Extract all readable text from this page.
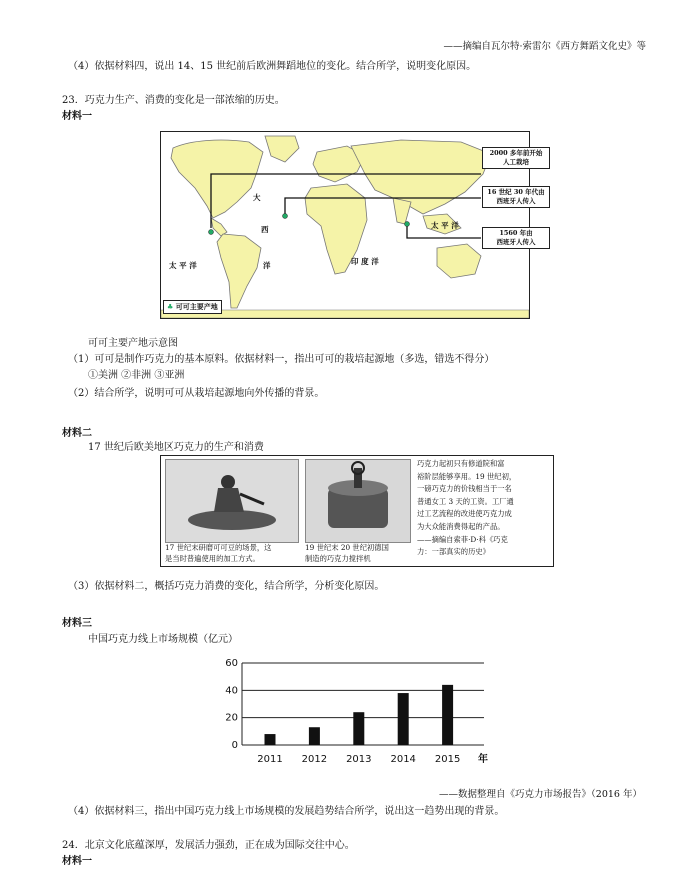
——摘编自瓦尔特·索雷尔《西方舞蹈文化史》等
（4）依据材料四，说出 14、15 世纪前后欧洲舞蹈地位的变化。结合所学，说明变化原因。
23．巧克力生产、消费的变化是一部浓缩的历史。
材料一
大
西
洋
太 平 洋
太 平 洋
印 度 洋
♣ 可可主要产地
2000 多年前开始
人工栽培
16 世纪 30 年代由
西班牙人传入
1560 年由
西班牙人传入
可可主要产地示意图
（1）可可是制作巧克力的基本原料。依据材料一，指出可可的栽培起源地（多选，错选不得分）
①美洲 ②非洲 ③亚洲
（2）结合所学，说明可可从栽培起源地向外传播的背景。
材料二
17 世纪后欧美地区巧克力的生产和消费
17 世纪末研磨可可豆的场景，这
是当时普遍使用的加工方式。
19 世纪末 20 世纪初德国
制造的巧克力搅拌机
巧克力起初只有修道院和富
裕阶层能够享用。19 世纪初，
一磅巧克力的价钱相当于一名
普通女工 3 天的工资。工厂通
过工艺流程的改进使巧克力成
为大众能消费得起的产品。
——摘编自索菲·D·科《巧克
力：一部真实的历史》
（3）依据材料二，概括巧克力消费的变化，结合所学，分析变化原因。
材料三
中国巧克力线上市场规模（亿元）
0
20
40
60
2011 2012 2013 2014 2015 年
——数据整理自《巧克力市场报告》（2016 年）
（4）依据材料三，指出中国巧克力线上市场规模的发展趋势结合所学，说出这一趋势出现的背景。
24．北京文化底蕴深厚，发展活力强劲，正在成为国际交往中心。
材料一
